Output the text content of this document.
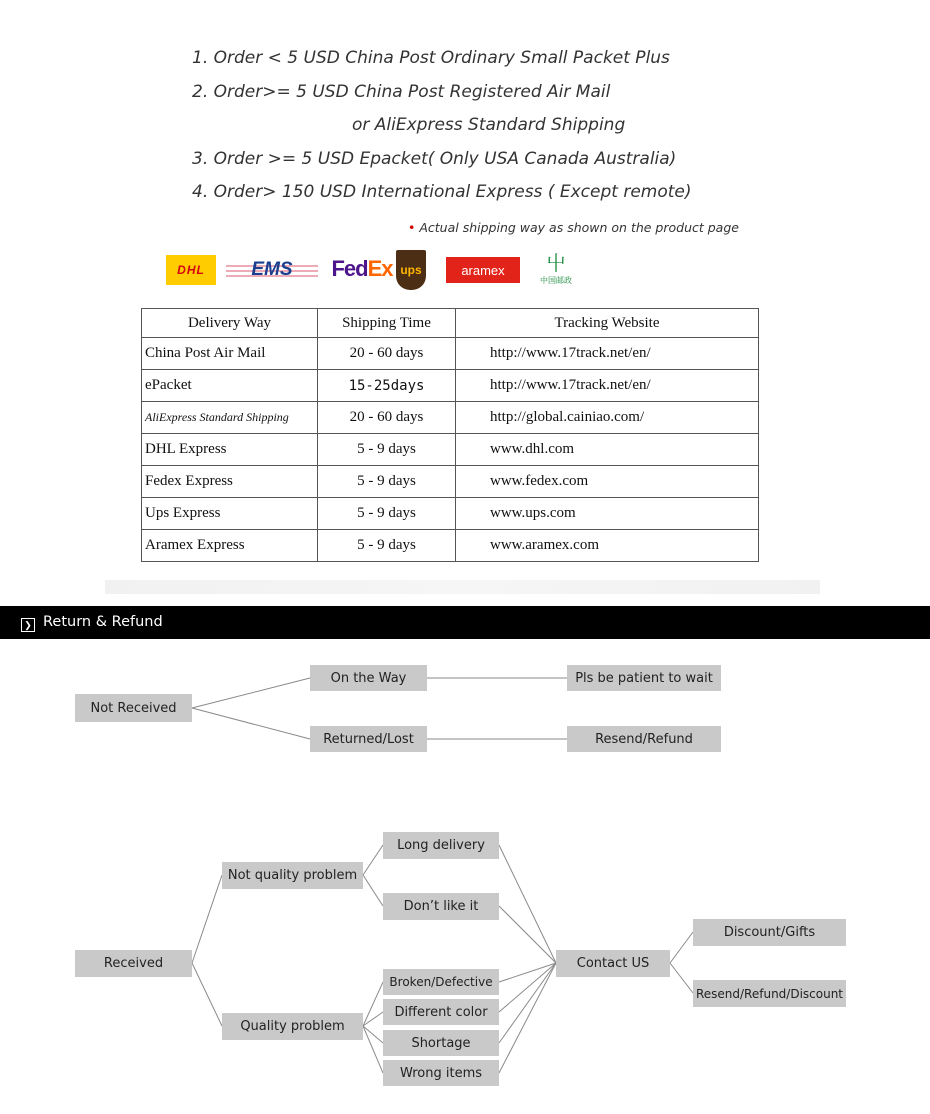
1. Order < 5 USD China Post Ordinary Small Packet Plus
2. Order>= 5 USD China Post Registered Air Mail
or AliExpress Standard Shipping
3. Order >= 5 USD Epacket( Only USA Canada Australia)
4. Order> 150 USD International Express ( Except remote)
• Actual shipping way as shown on the product page
DHL EMS Fed Ex ups	aramex ⼬
中国邮政
Delivery Way	Shipping Time	Tracking Website
China Post Air Mail	20 - 60 days	http://www.17track.net/en/
ePacket	15-25days	http://www.17track.net/en/
AliExpress Standard Shipping	20 - 60 days	http://global.cainiao.com/
DHL Express	5 - 9 days	www.dhl.com
Fedex Express	5 - 9 days	www.fedex.com
Ups Express	5 - 9 days	www.ups.com
Aramex Express	5 - 9 days	www.aramex.com
❯ Return & Refund
Not Received
On the Way	Pls be patient to wait
Returned/Lost	Resend/Refund
Received
Not quality problem
Quality problem
Long delivery
Don’t like it
Broken/Defective
Different color
Shortage
Wrong items
Contact US
Discount/Gifts
Resend/Refund/Discount
